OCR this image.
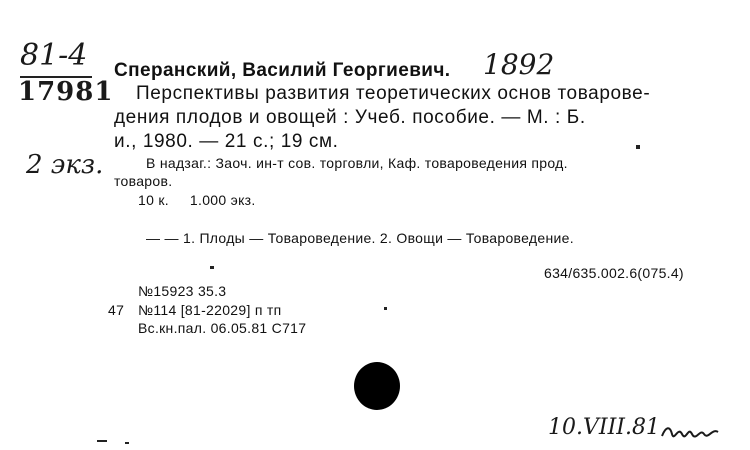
81-4
17981
2 экз.
Сперанский, Василий Георгиевич. 1892
Перспективы развития теоретических основ товарове-
дения плодов и овощей : Учеб. пособие. — М. : Б.
и., 1980. — 21 с.; 19 см.
В надзаг.: Заоч. ин-т сов. торговли, Каф. товароведения прод.
товаров.
10 к.     1.000 экз.
— — 1. Плоды — Товароведение. 2. Овощи — Товароведение.
634/635.002.6(075.4)
№15923 35.3
47 №114 [81-22029] п тп
Вс.кн.пал. 06.05.81 С717
10.VIII.81
